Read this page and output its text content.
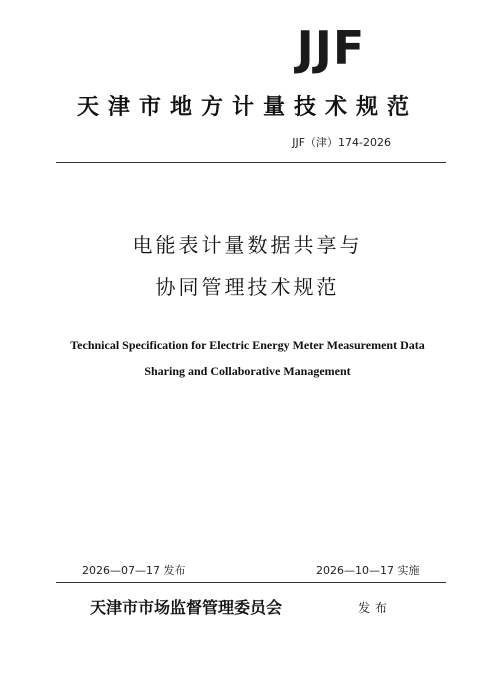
JJF
天津市地方计量技术规范
JJF（津）174-2026
电能表计量数据共享与
协同管理技术规范
Technical Specification for Electric Energy Meter Measurement Data
Sharing and Collaborative Management
2026—07—17 发布	2026—10—17 实施
天津市市场监督管理委员会	发布
